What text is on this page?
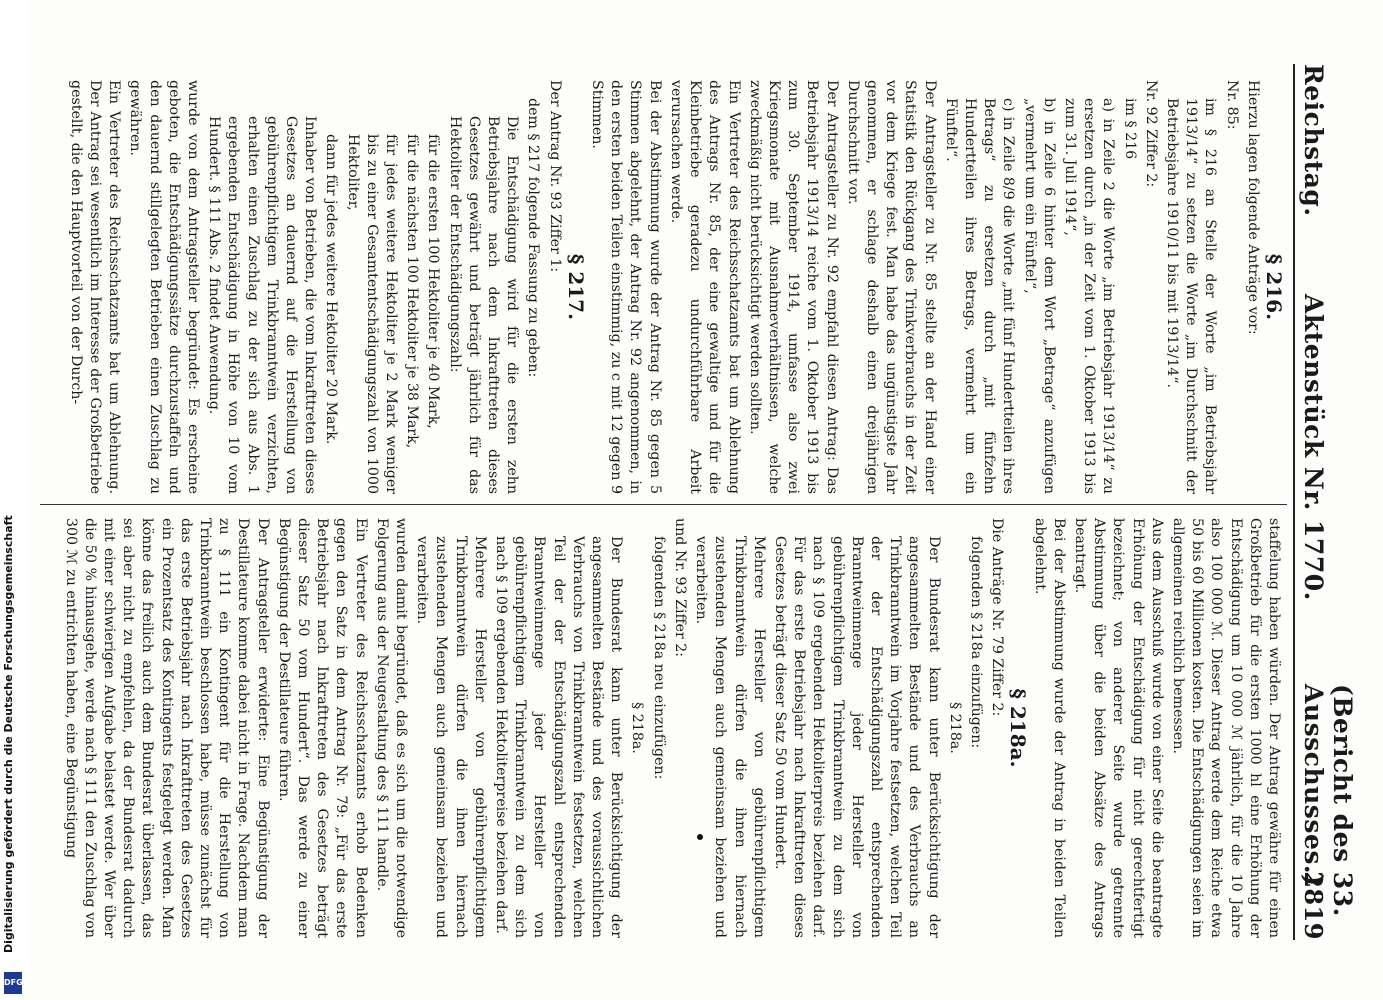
Reichstag.
Aktenstück Nr. 1770.
(Bericht des 33. Ausschusses.)
2819

§ 216.

Hierzu lagen folgende Anträge vor:

Nr. 85:

im § 216 an Stelle der Worte „im Betriebsjahr 1913/14“ zu setzen die Worte „im Durchschnitt der Betriebsjahre 1910/11 bis mit 1913/14“.

Nr. 92 Ziffer 2:

im § 216

a) in Zeile 2 die Worte „im Betriebsjahr 1913/14“ zu ersetzen durch „in der Zeit vom 1. Oktober 1913 bis zum 31. Juli 1914“,

b) in Zeile 6 hinter dem Wort „Betrage“ anzufügen „vermehrt um ein Fünftel“,

c) in Zeile 8/9 die Worte „mit fünf Hundertteilen ihres Betrags“ zu ersetzen durch „mit fünfzehn Hundertteilen ihres Betrags, vermehrt um ein Fünftel“.

Der Antragsteller zu Nr. 85 stellte an der Hand einer Statistik den Rückgang des Trinkverbrauchs in der Zeit vor dem Kriege fest. Man habe das ungünstigste Jahr genommen, er schlage deshalb einen dreijährigen Durchschnitt vor.

Der Antragsteller zu Nr. 92 empfahl diesen Antrag: Das Betriebsjahr 1913/14 reiche vom 1. Oktober 1913 bis zum 30. September 1914, umfasse also zwei Kriegsmonate mit Ausnahmeverhältnissen, welche zweckmäßig nicht berücksichtigt werden sollten.

Ein Vertreter des Reichsschatzamts bat um Ablehnung des Antrags Nr. 85, der eine gewaltige und für die Kleinbetriebe geradezu undurchführbare Arbeit verursachen werde.

Bei der Abstimmung wurde der Antrag Nr. 85 gegen 5 Stimmen abgelehnt, der Antrag Nr. 92 angenommen, in den ersten beiden Teilen einstimmig, zu c mit 12 gegen 9 Stimmen.

§ 217.

Der Antrag Nr. 93 Ziffer 1:

dem § 217 folgende Fassung zu geben:

Die Entschädigung wird für die ersten zehn Betriebsjahre nach dem Inkrafttreten dieses Gesetzes gewährt und beträgt jährlich für das Hektoliter der Entschädigungszahl:

für die ersten 100 Hektoliter je 40 Mark,

für die nächsten 100 Hektoliter je 38 Mark,

für jedes weitere Hektoliter je 2 Mark weniger bis zu einer Gesamtentschädigungszahl von 1000 Hektoliter,

dann für jedes weitere Hektoliter 20 Mark.

Inhaber von Betrieben, die vom Inkrafttreten dieses Gesetzes an dauernd auf die Herstellung von gebührenpflichtigem Trinkbranntwein verzichten, erhalten einen Zuschlag zu der sich aus Abs. 1 ergebenden Entschädigung in Höhe von 10 vom Hundert. § 111 Abs. 2 findet Anwendung.

wurde von dem Antragsteller begründet: Es erscheine geboten, die Entschädigungssätze durchzustaffeln und den dauernd stillgelegten Betrieben einen Zuschlag zu gewähren.

Ein Vertreter des Reichsschatzamts bat um Ablehnung. Der Antrag sei wesentlich im Interesse der Großbetriebe gestellt, die den Hauptvorteil von der Durch-

staffelung haben würden. Der Antrag gewähre für einen Großbetrieb für die ersten 1000 hl eine Erhöhung der Entschädigung um 10 000 ℳ jährlich, für die 10 Jahre also 100 000 ℳ. Dieser Antrag werde dem Reiche etwa 50 bis 60 Millionen kosten. Die Entschädigungen seien im allgemeinen reichlich bemessen.

Aus dem Ausschuß wurde von einer Seite die beantragte Erhöhung der Entschädigung für nicht gerechtfertigt bezeichnet; von anderer Seite wurde getrennte Abstimmung über die beiden Absätze des Antrags beantragt.

Bei der Abstimmung wurde der Antrag in beiden Teilen abgelehnt.

§ 218a.

Die Anträge Nr. 79 Ziffer 2:

folgenden § 218a einzufügen:

§ 218a.

Der Bundesrat kann unter Berücksichtigung der angesammelten Bestände und des Verbrauchs an Trinkbranntwein im Vorjahre festsetzen, welchen Teil der der Entschädigungszahl entsprechenden Branntweinmenge jeder Hersteller von gebührenpflichtigem Trinkbranntwein zu dem sich nach § 109 ergebenden Hektoliterpreis beziehen darf. Für das erste Betriebsjahr nach Inkrafttreten dieses Gesetzes beträgt dieser Satz 50 vom Hundert.

Mehrere Hersteller von gebührenpflichtigem Trinkbranntwein dürfen die ihnen hiernach zustehenden Mengen auch gemeinsam beziehen und verarbeiten.

und Nr. 93 Ziffer 2:

folgenden § 218a neu einzufügen:

§ 218a.

Der Bundesrat kann unter Berücksichtigung der angesammelten Bestände und des voraussichtlichen Verbrauchs von Trinkbranntwein festsetzen, welchen Teil der der Entschädigungszahl entsprechenden Branntweinmenge jeder Hersteller von gebührenpflichtigem Trinkbranntwein zu dem sich nach § 109 ergebenden Hektoliterpreise beziehen darf.

Mehrere Hersteller von gebührenpflichtigem Trinkbranntwein dürfen die ihnen hiernach zustehenden Mengen auch gemeinsam beziehen und verarbeiten.

wurden damit begründet, daß es sich um die notwendige Folgerung aus der Neugestaltung des § 111 handle.

Ein Vertreter des Reichsschatzamts erhob Bedenken gegen den Satz in dem Antrag Nr. 79: „Für das erste Betriebsjahr nach Inkrafttreten des Gesetzes beträgt dieser Satz 50 vom Hundert“. Das werde zu einer Begünstigung der Destillateure führen.

Der Antragsteller erwiderte: Eine Begünstigung der Destillateure komme dabei nicht in Frage. Nachdem man zu § 111 ein Kontingent für die Herstellung von Trinkbranntwein beschlossen habe, müsse zunächst für das erste Betriebsjahr nach Inkrafttreten des Gesetzes ein Prozentsatz des Kontingents festgelegt werden. Man könne das freilich auch dem Bundesrat überlassen, das sei aber nicht zu empfehlen, da der Bundesrat dadurch mit einer schwierigen Aufgabe belastet werde. Wer über die 50 % hinausgehe, werde nach § 111 den Zuschlag von 300 ℳ zu entrichten haben, eine Begünstigung

Digitalisierung gefördert durch die Deutsche Forschungsgemeinschaft
DFG
